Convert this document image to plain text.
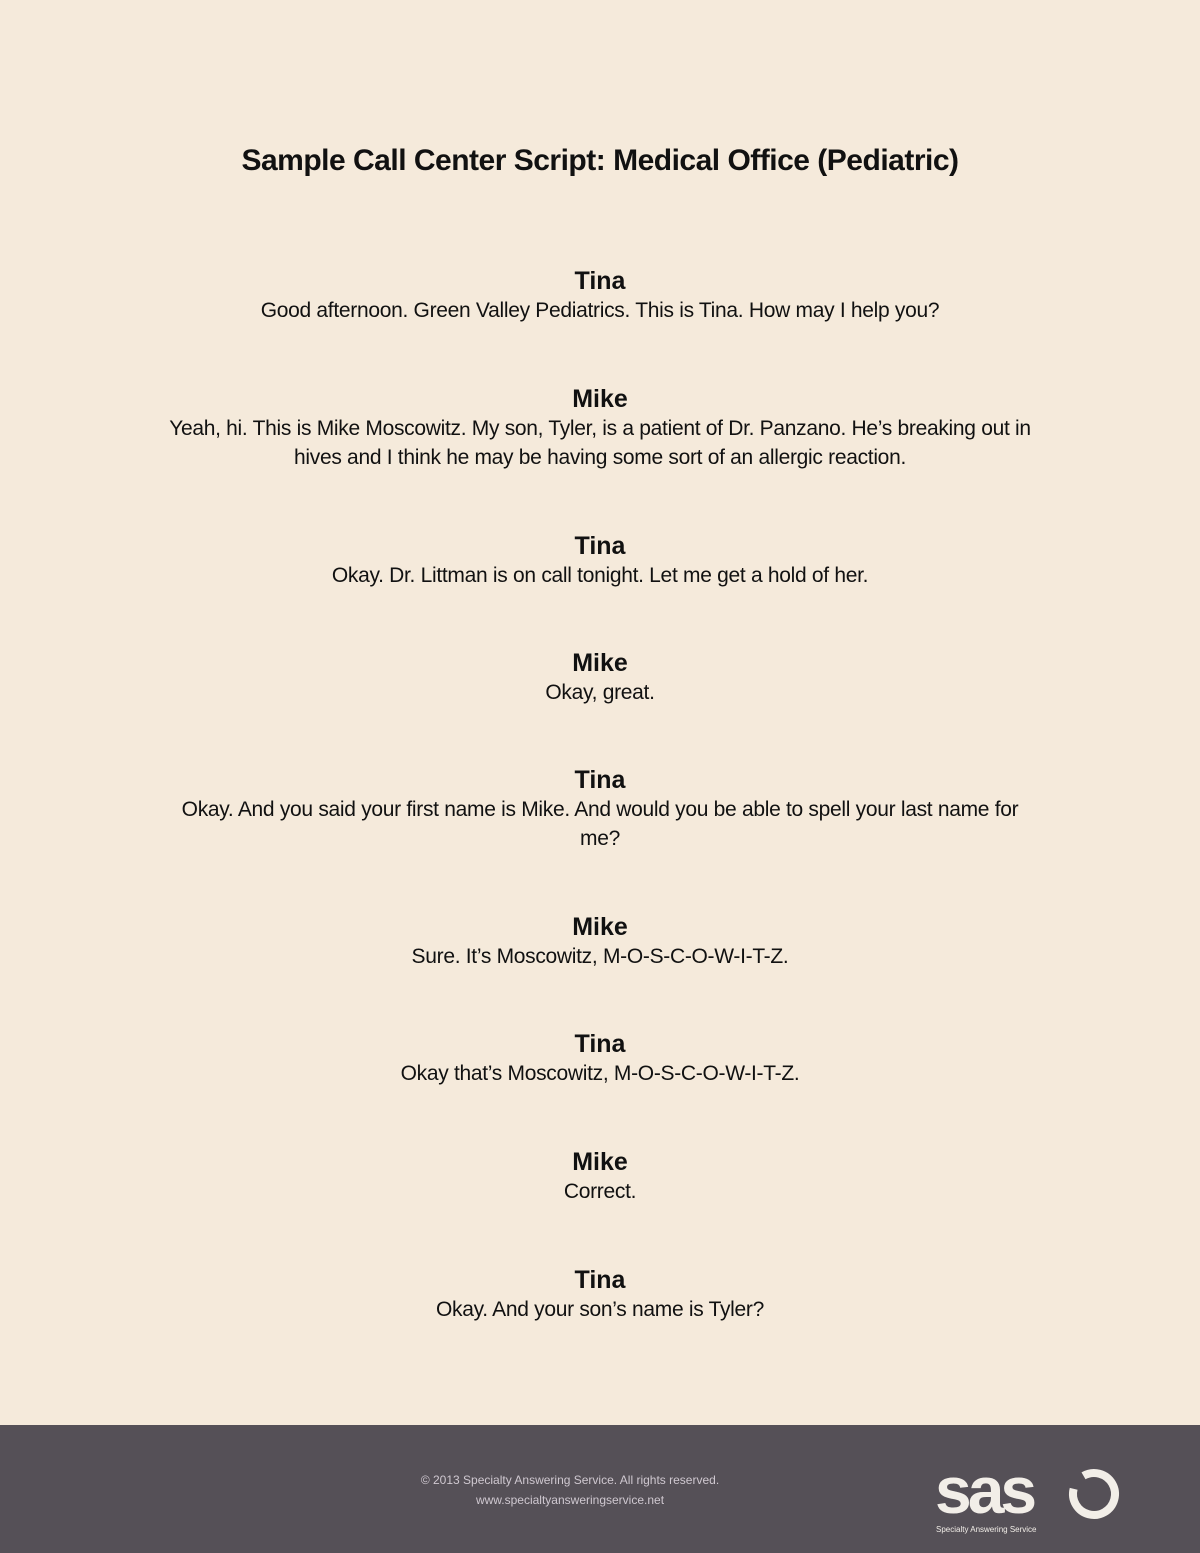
Sample Call Center Script: Medical Office (Pediatric)

Tina

Good afternoon. Green Valley Pediatrics. This is Tina. How may I help you?

Mike

Yeah, hi. This is Mike Moscowitz. My son, Tyler, is a patient of Dr. Panzano. He’s breaking out in hives and I think he may be having some sort of an allergic reaction.

Tina

Okay. Dr. Littman is on call tonight. Let me get a hold of her.

Mike

Okay, great.

Tina

Okay. And you said your first name is Mike. And would you be able to spell your last name for me?

Mike

Sure. It’s Moscowitz, M-O-S-C-O-W-I-T-Z.

Tina

Okay that’s Moscowitz, M-O-S-C-O-W-I-T-Z.

Mike

Correct.

Tina

Okay. And your son’s name is Tyler?

© 2013 Specialty Answering Service. All rights reserved.
www.specialtyansweringservice.net	sas
Specialty Answering Service
